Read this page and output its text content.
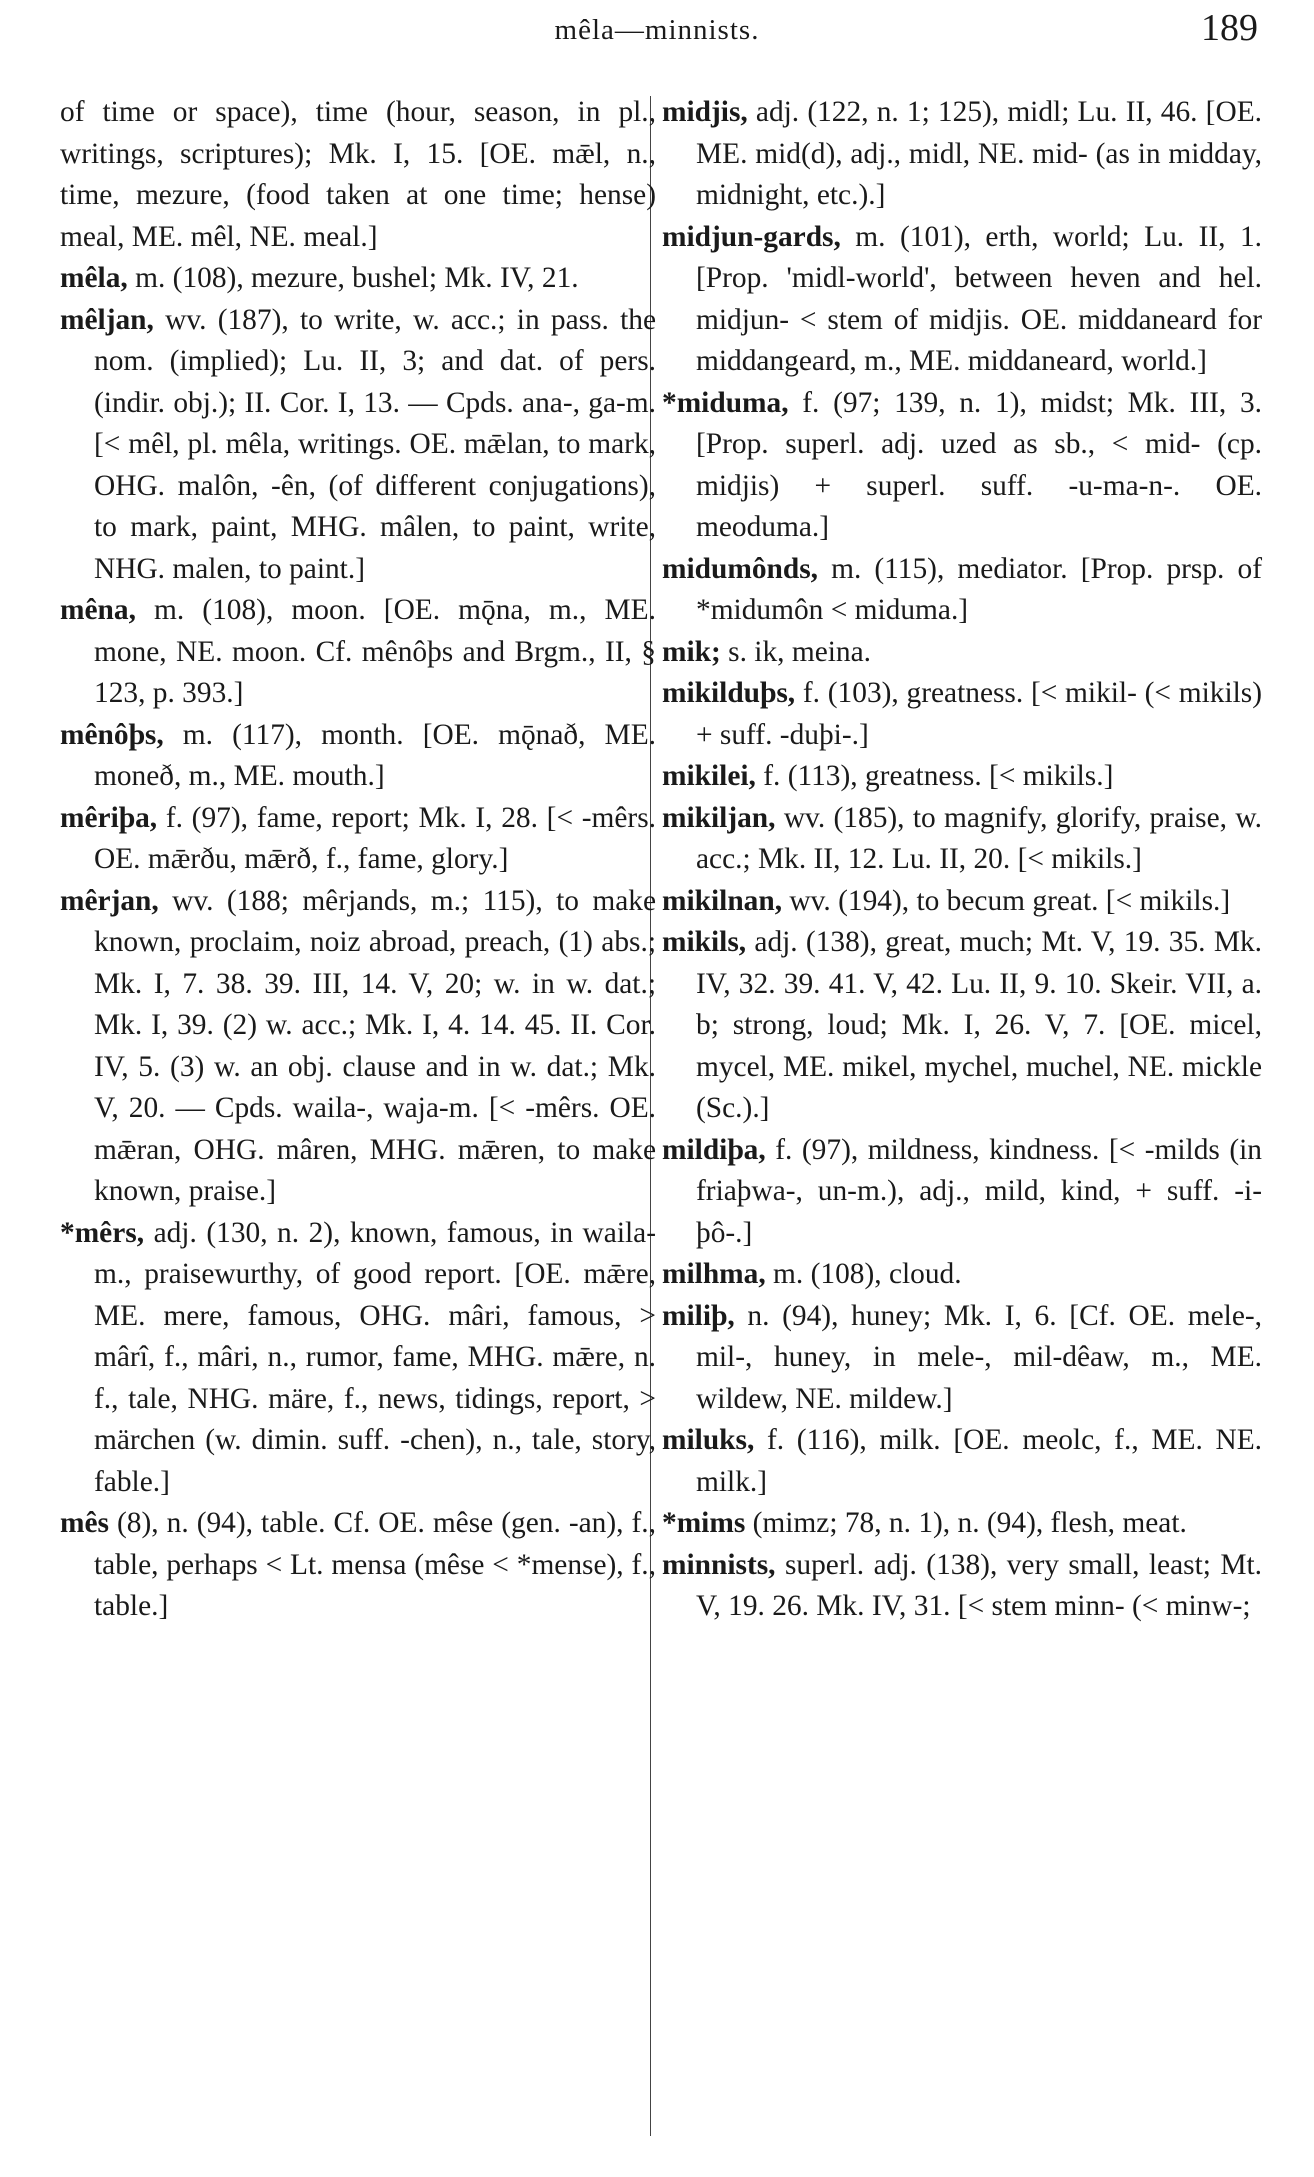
mêla—minnists.	189

of time or space), time (hour, season, in pl., writings, scriptures); Mk. I, 15. [OE. mǣl, n., time, mezure, (food taken at one time; hense) meal, ME. mêl, NE. meal.]

mêla, m. (108), mezure, bushel; Mk. IV, 21.

mêljan, wv. (187), to write, w. acc.; in pass. the nom. (implied); Lu. II, 3; and dat. of pers. (indir. obj.); II. Cor. I, 13. — Cpds. ana-, ga-m. [< mêl, pl. mêla, writings. OE. mǣlan, to mark, OHG. malôn, -ên, (of different conjugations), to mark, paint, MHG. mâlen, to paint, write, NHG. malen, to paint.]

mêna, m. (108), moon. [OE. mǭna, m., ME. mone, NE. moon. Cf. mênôþs and Brgm., II, § 123, p. 393.]

mênôþs, m. (117), month. [OE. mǭnað, ME. moneð, m., ME. mouth.]

mêriþa, f. (97), fame, report; Mk. I, 28. [< -mêrs. OE. mǣrðu, mǣrð, f., fame, glory.]

mêrjan, wv. (188; mêrjands, m.; 115), to make known, proclaim, noiz abroad, preach, (1) abs.; Mk. I, 7. 38. 39. III, 14. V, 20; w. in w. dat.; Mk. I, 39. (2) w. acc.; Mk. I, 4. 14. 45. II. Cor. IV, 5. (3) w. an obj. clause and in w. dat.; Mk. V, 20. — Cpds. waila-, waja-m. [< -mêrs. OE. mǣran, OHG. mâren, MHG. mǣren, to make known, praise.]

*mêrs, adj. (130, n. 2), known, famous, in waila-m., praisewurthy, of good report. [OE. mǣre, ME. mere, famous, OHG. mâri, famous, > mârî, f., mâri, n., rumor, fame, MHG. mǣre, n. f., tale, NHG. märe, f., news, tidings, report, > märchen (w. dimin. suff. -chen), n., tale, story, fable.]

mês (8), n. (94), table. Cf. OE. mêse (gen. -an), f., table, perhaps < Lt. mensa (mêse < *mense), f., table.]

midjis, adj. (122, n. 1; 125), midl; Lu. II, 46. [OE. ME. mid(d), adj., midl, NE. mid- (as in midday, midnight, etc.).]

midjun-gards, m. (101), erth, world; Lu. II, 1. [Prop. 'midl-world', between heven and hel. midjun- < stem of midjis. OE. middaneard for middangeard, m., ME. middaneard, world.]

*miduma, f. (97; 139, n. 1), midst; Mk. III, 3. [Prop. superl. adj. uzed as sb., < mid- (cp. midjis) + superl. suff. -u-ma-n-. OE. meoduma.]

midumônds, m. (115), mediator. [Prop. prsp. of *midumôn < miduma.]

mik; s. ik, meina.

mikilduþs, f. (103), greatness. [< mikil- (< mikils) + suff. -duþi-.]

mikilei, f. (113), greatness. [< mikils.]

mikiljan, wv. (185), to magnify, glorify, praise, w. acc.; Mk. II, 12. Lu. II, 20. [< mikils.]

mikilnan, wv. (194), to becum great. [< mikils.]

mikils, adj. (138), great, much; Mt. V, 19. 35. Mk. IV, 32. 39. 41. V, 42. Lu. II, 9. 10. Skeir. VII, a. b; strong, loud; Mk. I, 26. V, 7. [OE. micel, mycel, ME. mikel, mychel, muchel, NE. mickle (Sc.).]

mildiþa, f. (97), mildness, kindness. [< -milds (in friaþwa-, un-m.), adj., mild, kind, + suff. -i-þô-.]

milhma, m. (108), cloud.

miliþ, n. (94), huney; Mk. I, 6. [Cf. OE. mele-, mil-, huney, in mele-, mil-dêaw, m., ME. wildew, NE. mildew.]

miluks, f. (116), milk. [OE. meolc, f., ME. NE. milk.]

*mims (mimz; 78, n. 1), n. (94), flesh, meat.

minnists, superl. adj. (138), very small, least; Mt. V, 19. 26. Mk. IV, 31. [< stem minn- (< minw-;
